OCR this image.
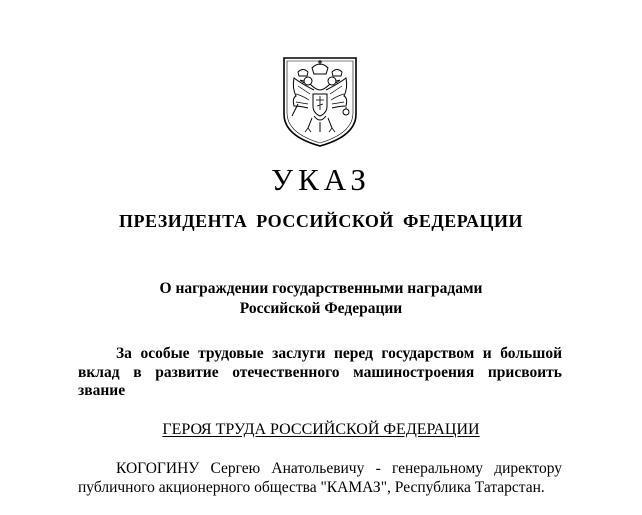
УКАЗ
ПРЕЗИДЕНТА РОССИЙСКОЙ ФЕДЕРАЦИИ
О награждении государственными наградами
Российской Федерации
За особые трудовые заслуги перед государством и большой
вклад в развитие отечественного машиностроения присвоить
звание
ГЕРОЯ ТРУДА РОССИЙСКОЙ ФЕДЕРАЦИИ
КОГОГИНУ Сергею Анатольевичу - генеральному директору
публичного акционерного общества "КАМАЗ", Республика Татарстан.
